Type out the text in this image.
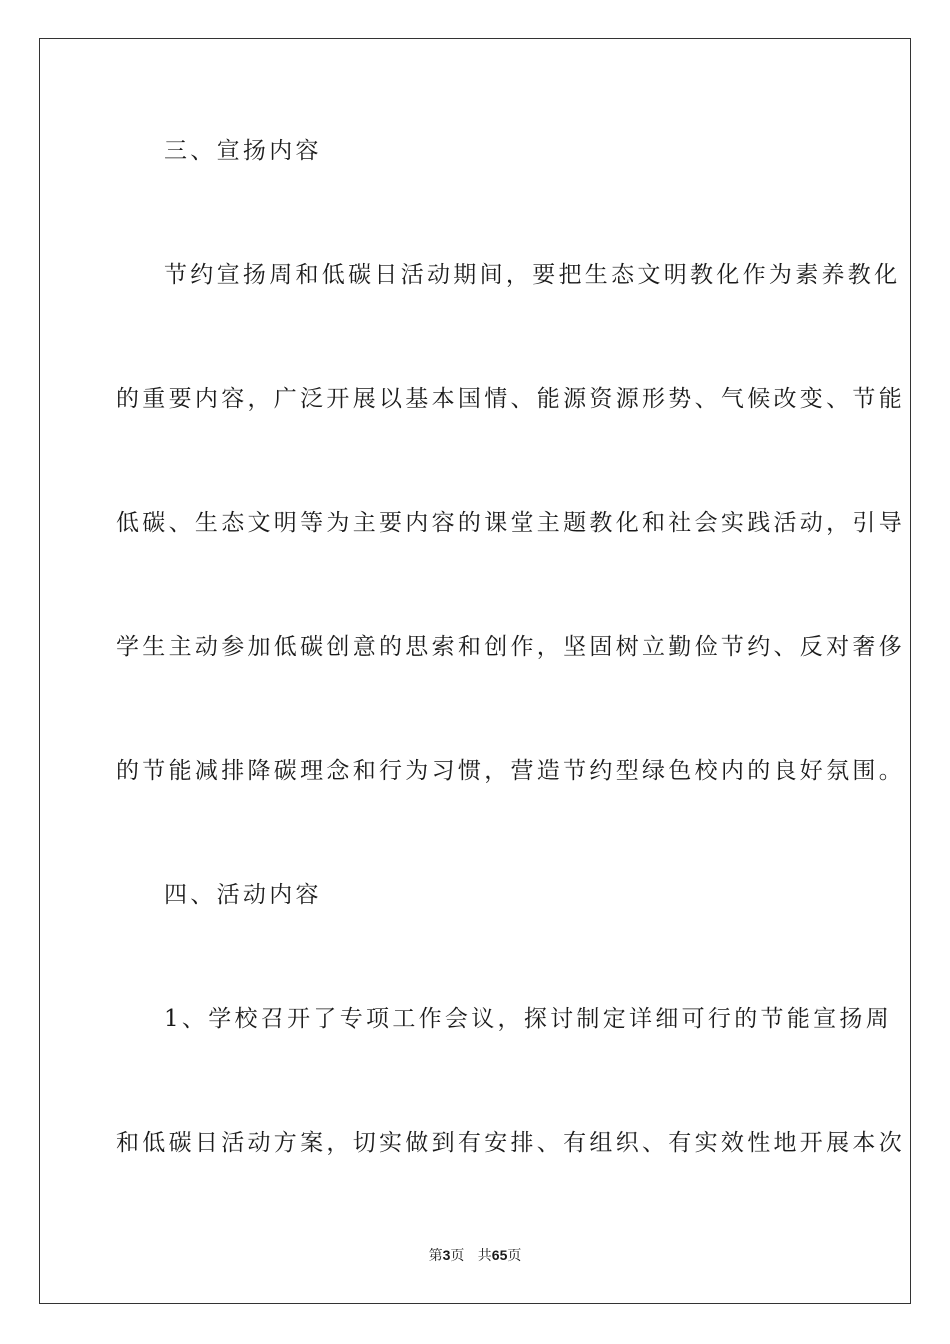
三、宣扬内容
节约宣扬周和低碳日活动期间，要把生态文明教化作为素养教化
的重要内容，广泛开展以基本国情、能源资源形势、气候改变、节能
低碳、生态文明等为主要内容的课堂主题教化和社会实践活动，引导
学生主动参加低碳创意的思索和创作，坚固树立勤俭节约、反对奢侈
的节能减排降碳理念和行为习惯，营造节约型绿色校内的良好氛围。
四、活动内容
1、学校召开了专项工作会议，探讨制定详细可行的节能宣扬周
和低碳日活动方案，切实做到有安排、有组织、有实效性地开展本次
第3页 共65页
